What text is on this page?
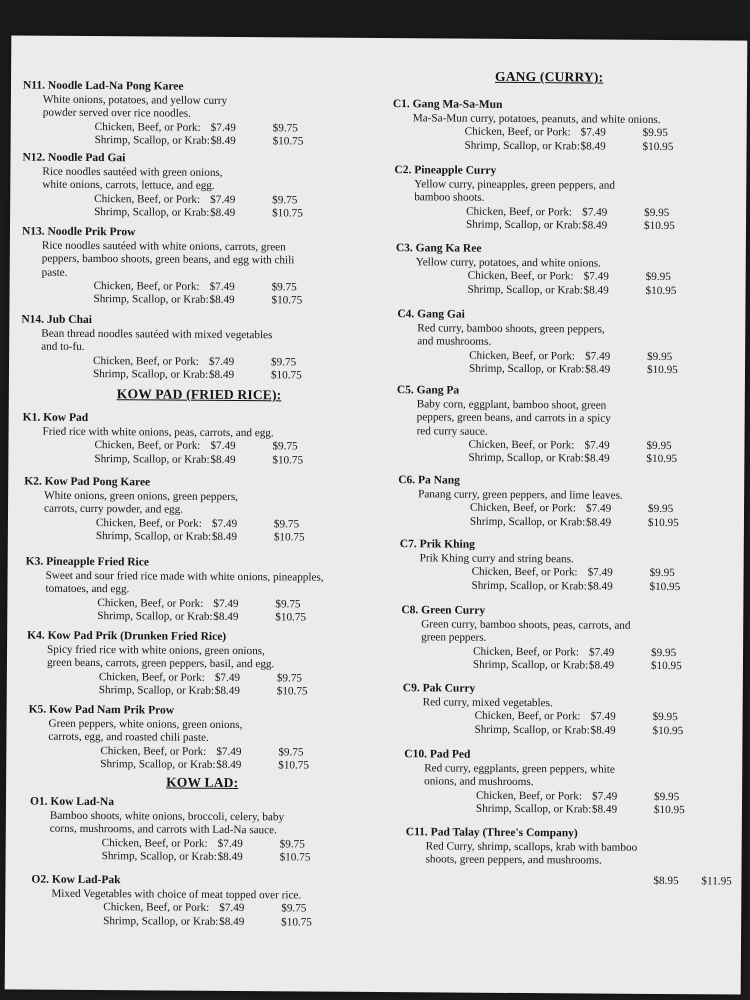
N11. Noodle Lad-Na Pong Karee
White onions, potatoes, and yellow curry
powder served over rice noodles.
Chicken, Beef, or Pork: $7.49	$9.75
Shrimp, Scallop, or Krab: $8.49	$10.75
N12. Noodle Pad Gai
Rice noodles sautéed with green onions,
white onions, carrots, lettuce, and egg.
Chicken, Beef, or Pork: $7.49	$9.75
Shrimp, Scallop, or Krab: $8.49	$10.75
N13. Noodle Prik Prow
Rice noodles sautéed with white onions, carrots, green
peppers, bamboo shoots, green beans, and egg with chili
paste.
Chicken, Beef, or Pork: $7.49	$9.75
Shrimp, Scallop, or Krab: $8.49	$10.75
N14. Jub Chai
Bean thread noodles sautéed with mixed vegetables
and to-fu.
Chicken, Beef, or Pork: $7.49	$9.75
Shrimp, Scallop, or Krab: $8.49	$10.75
KOW PAD (FRIED RICE):
K1. Kow Pad
Fried rice with white onions, peas, carrots, and egg.
Chicken, Beef, or Pork: $7.49	$9.75
Shrimp, Scallop, or Krab: $8.49	$10.75
K2. Kow Pad Pong Karee
White onions, green onions, green peppers,
carrots, curry powder, and egg.
Chicken, Beef, or Pork: $7.49	$9.75
Shrimp, Scallop, or Krab: $8.49	$10.75
K3. Pineapple Fried Rice
Sweet and sour fried rice made with white onions, pineapples,
tomatoes, and egg.
Chicken, Beef, or Pork: $7.49	$9.75
Shrimp, Scallop, or Krab: $8.49	$10.75
K4. Kow Pad Prik (Drunken Fried Rice)
Spicy fried rice with white onions, green onions,
green beans, carrots, green peppers, basil, and egg.
Chicken, Beef, or Pork: $7.49	$9.75
Shrimp, Scallop, or Krab: $8.49	$10.75
K5. Kow Pad Nam Prik Prow
Green peppers, white onions, green onions,
carrots, egg, and roasted chili paste.
Chicken, Beef, or Pork: $7.49	$9.75
Shrimp, Scallop, or Krab: $8.49	$10.75
KOW LAD:
O1. Kow Lad-Na
Bamboo shoots, white onions, broccoli, celery, baby
corns, mushrooms, and carrots with Lad-Na sauce.
Chicken, Beef, or Pork: $7.49	$9.75
Shrimp, Scallop, or Krab: $8.49	$10.75
O2. Kow Lad-Pak
Mixed Vegetables with choice of meat topped over rice.
Chicken, Beef, or Pork: $7.49	$9.75
Shrimp, Scallop, or Krab: $8.49	$10.75
GANG (CURRY):
C1. Gang Ma-Sa-Mun
Ma-Sa-Mun curry, potatoes, peanuts, and white onions.
Chicken, Beef, or Pork: $7.49	$9.95
Shrimp, Scallop, or Krab: $8.49	$10.95
C2. Pineapple Curry
Yellow curry, pineapples, green peppers, and
bamboo shoots.
Chicken, Beef, or Pork: $7.49	$9.95
Shrimp, Scallop, or Krab: $8.49	$10.95
C3. Gang Ka Ree
Yellow curry, potatoes, and white onions.
Chicken, Beef, or Pork: $7.49	$9.95
Shrimp, Scallop, or Krab: $8.49	$10.95
C4. Gang Gai
Red curry, bamboo shoots, green peppers,
and mushrooms.
Chicken, Beef, or Pork: $7.49	$9.95
Shrimp, Scallop, or Krab: $8.49	$10.95
C5. Gang Pa
Baby corn, eggplant, bamboo shoot, green
peppers, green beans, and carrots in a spicy
red curry sauce.
Chicken, Beef, or Pork: $7.49	$9.95
Shrimp, Scallop, or Krab: $8.49	$10.95
C6. Pa Nang
Panang curry, green peppers, and lime leaves.
Chicken, Beef, or Pork: $7.49	$9.95
Shrimp, Scallop, or Krab: $8.49	$10.95
C7. Prik Khing
Prik Khing curry and string beans.
Chicken, Beef, or Pork: $7.49	$9.95
Shrimp, Scallop, or Krab: $8.49	$10.95
C8. Green Curry
Green curry, bamboo shoots, peas, carrots, and
green peppers.
Chicken, Beef, or Pork: $7.49	$9.95
Shrimp, Scallop, or Krab: $8.49	$10.95
C9. Pak Curry
Red curry, mixed vegetables.
Chicken, Beef, or Pork: $7.49	$9.95
Shrimp, Scallop, or Krab: $8.49	$10.95
C10. Pad Ped
Red curry, eggplants, green peppers, white
onions, and mushrooms.
Chicken, Beef, or Pork: $7.49	$9.95
Shrimp, Scallop, or Krab: $8.49	$10.95
C11. Pad Talay (Three's Company)
Red Curry, shrimp, scallops, krab with bamboo
shoots, green peppers, and mushrooms.
$8.95 $11.95
